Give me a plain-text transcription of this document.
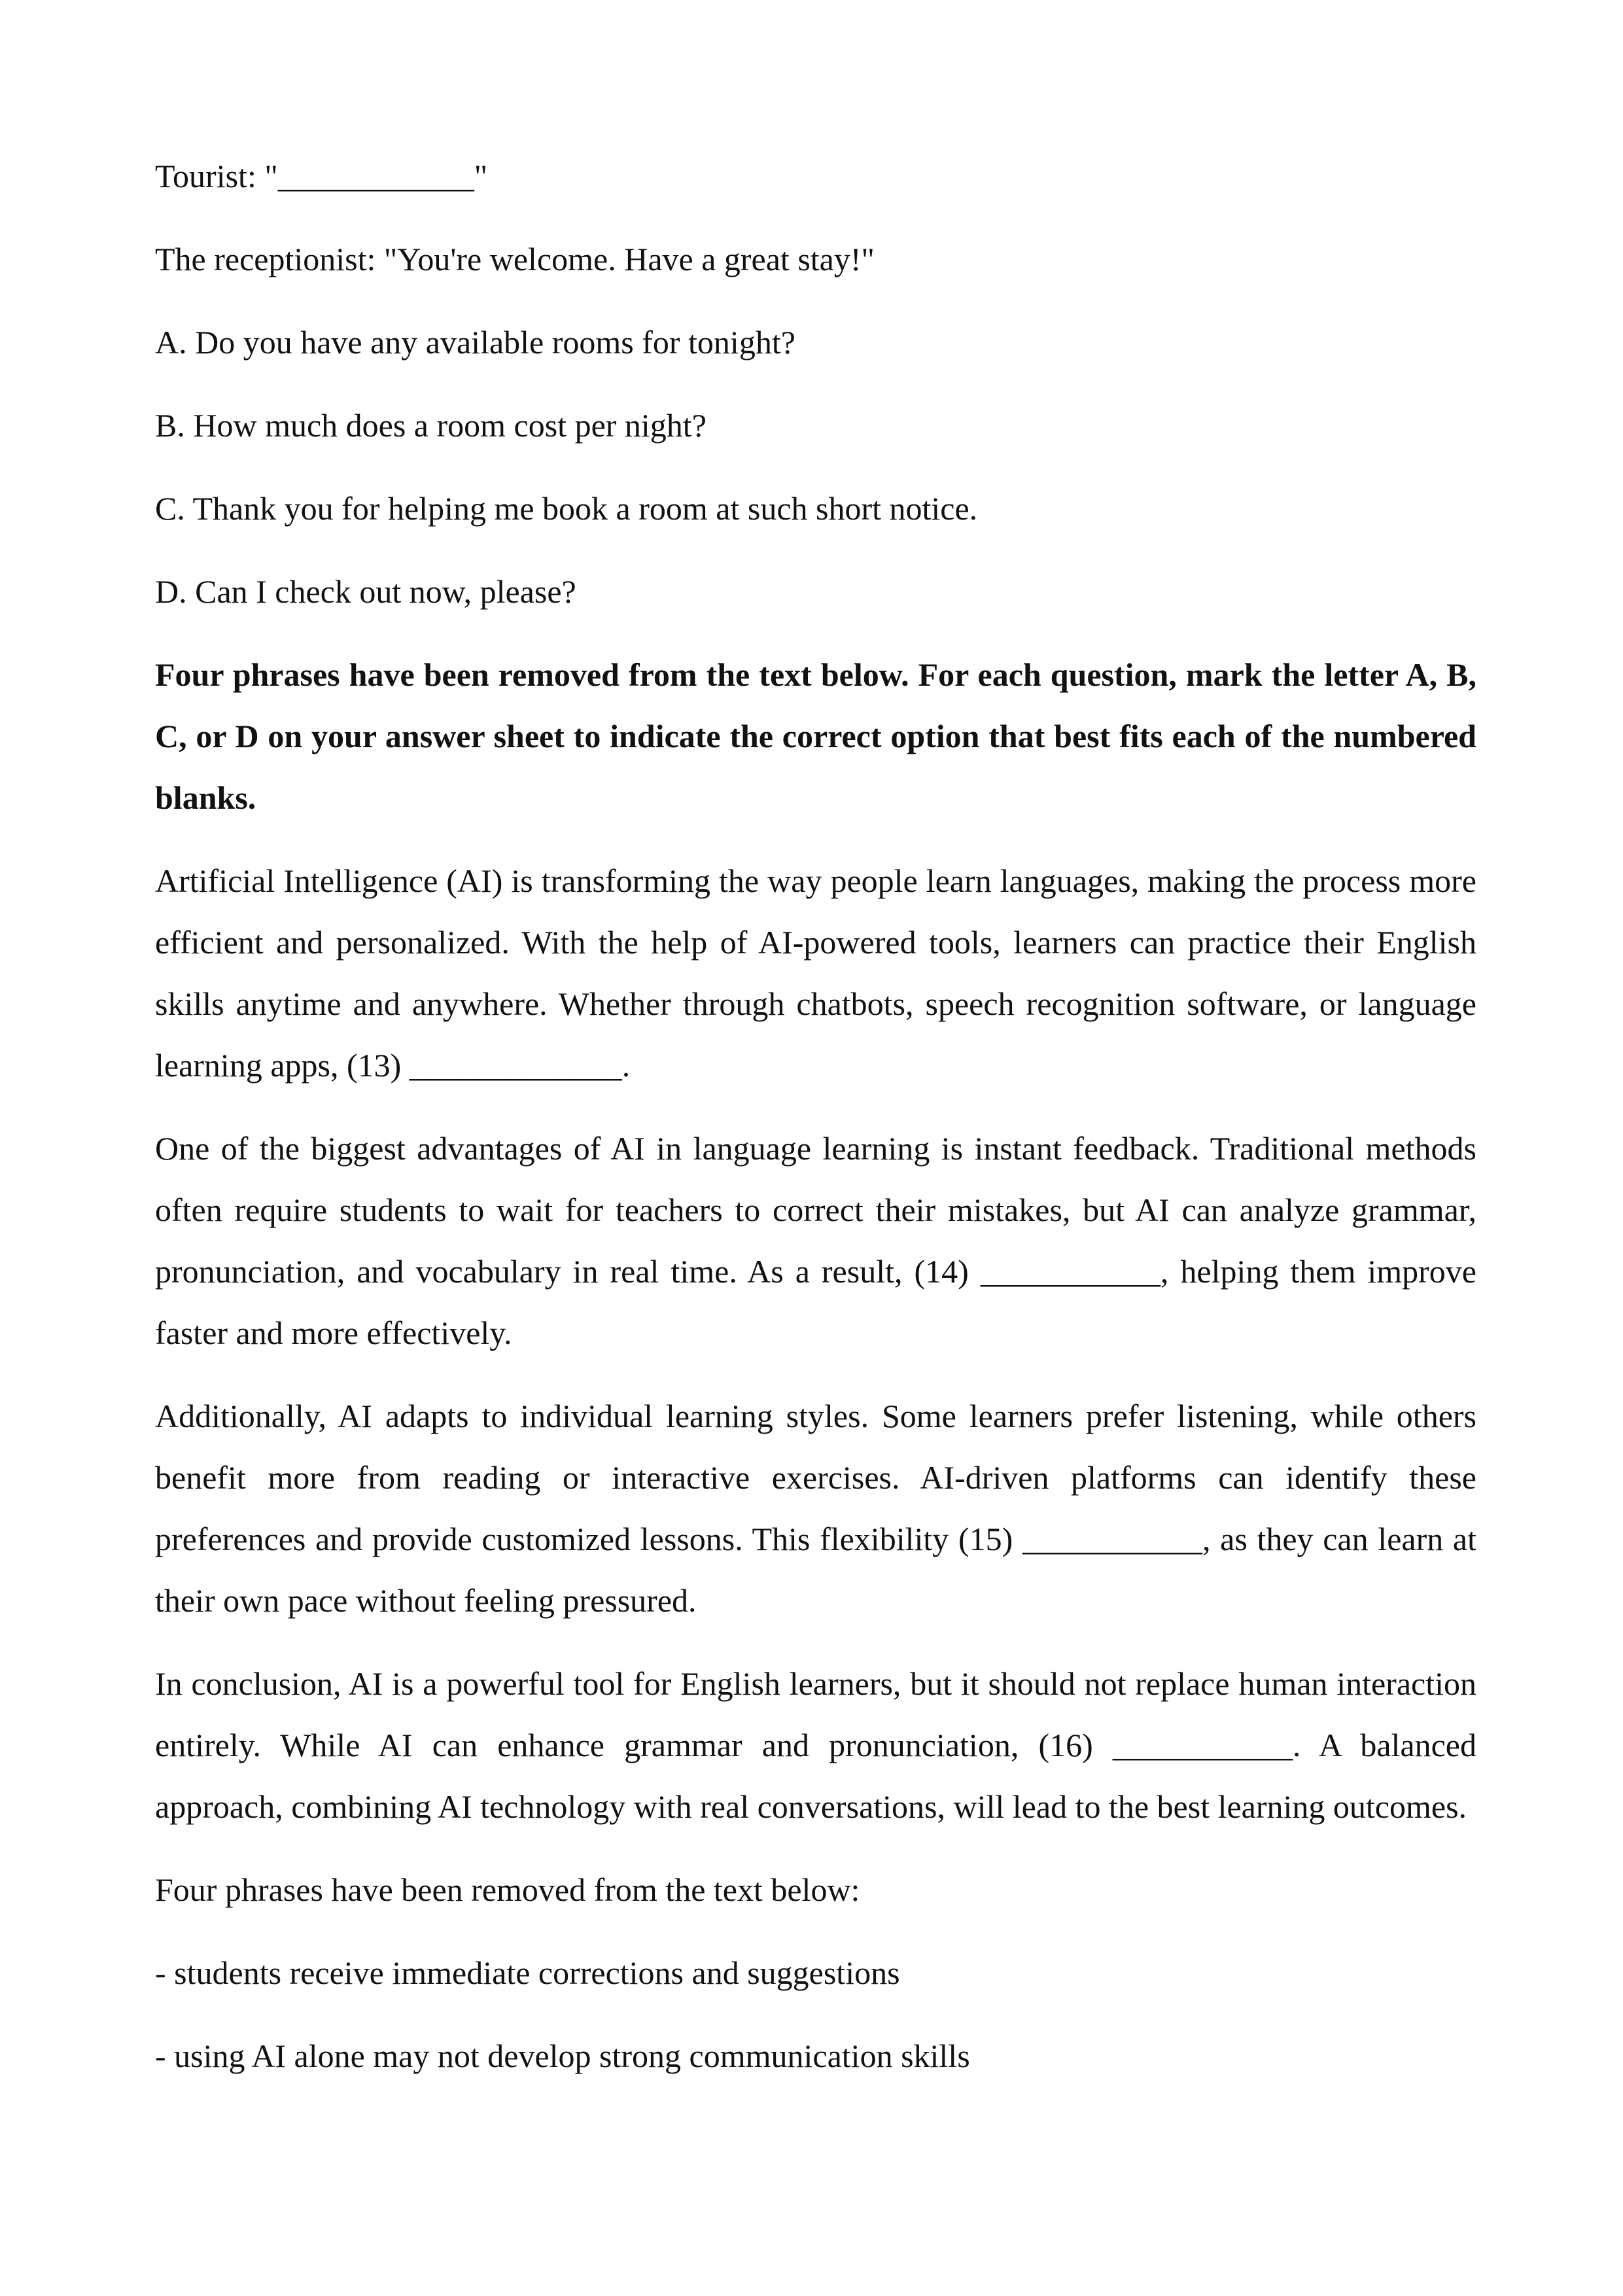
Tourist: "____________"

The receptionist: "You're welcome. Have a great stay!"

A. Do you have any available rooms for tonight?

B. How much does a room cost per night?

C. Thank you for helping me book a room at such short notice.

D. Can I check out now, please?

Four phrases have been removed from the text below. For each question, mark the letter A, B, C, or D on your answer sheet to indicate the correct option that best fits each of the numbered blanks.

Artificial Intelligence (AI) is transforming the way people learn languages, making the process more efficient and personalized. With the help of AI-powered tools, learners can practice their English skills anytime and anywhere. Whether through chatbots, speech recognition software, or language learning apps, (13) _____________.

One of the biggest advantages of AI in language learning is instant feedback. Traditional methods often require students to wait for teachers to correct their mistakes, but AI can analyze grammar, pronunciation, and vocabulary in real time. As a result, (14) ___________, helping them improve faster and more effectively.

Additionally, AI adapts to individual learning styles. Some learners prefer listening, while others benefit more from reading or interactive exercises. AI-driven platforms can identify these preferences and provide customized lessons. This flexibility (15) ___________, as they can learn at their own pace without feeling pressured.

In conclusion, AI is a powerful tool for English learners, but it should not replace human interaction entirely. While AI can enhance grammar and pronunciation, (16) ___________. A balanced approach, combining AI technology with real conversations, will lead to the best learning outcomes.

Four phrases have been removed from the text below:

- students receive immediate corrections and suggestions

- using AI alone may not develop strong communication skills
